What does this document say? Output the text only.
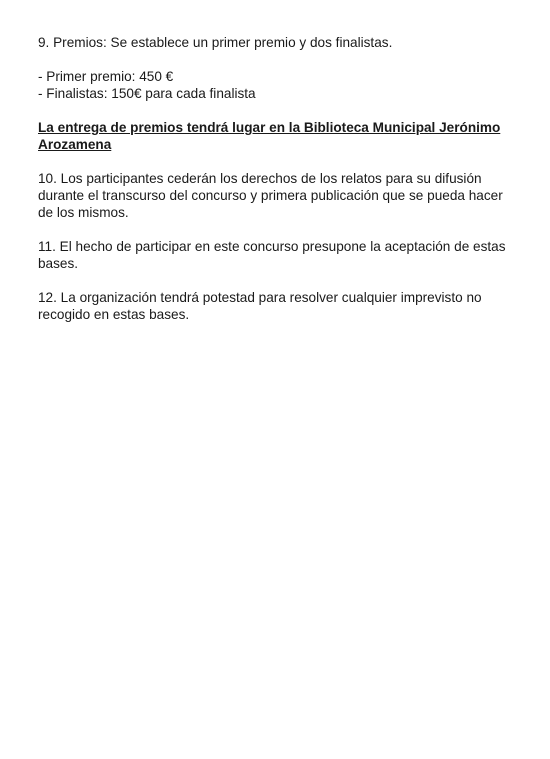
9. Premios: Se establece un primer premio y dos finalistas.

- Primer premio: 450 €
- Finalistas: 150€ para cada finalista
La entrega de premios tendrá lugar en la Biblioteca Municipal Jerónimo
Arozamena

10. Los participantes cederán los derechos de los relatos para su difusión
durante el transcurso del concurso y primera publicación que se pueda hacer
de los mismos.

11. El hecho de participar en este concurso presupone la aceptación de estas
bases.

12. La organización tendrá potestad para resolver cualquier imprevisto no
recogido en estas bases.
